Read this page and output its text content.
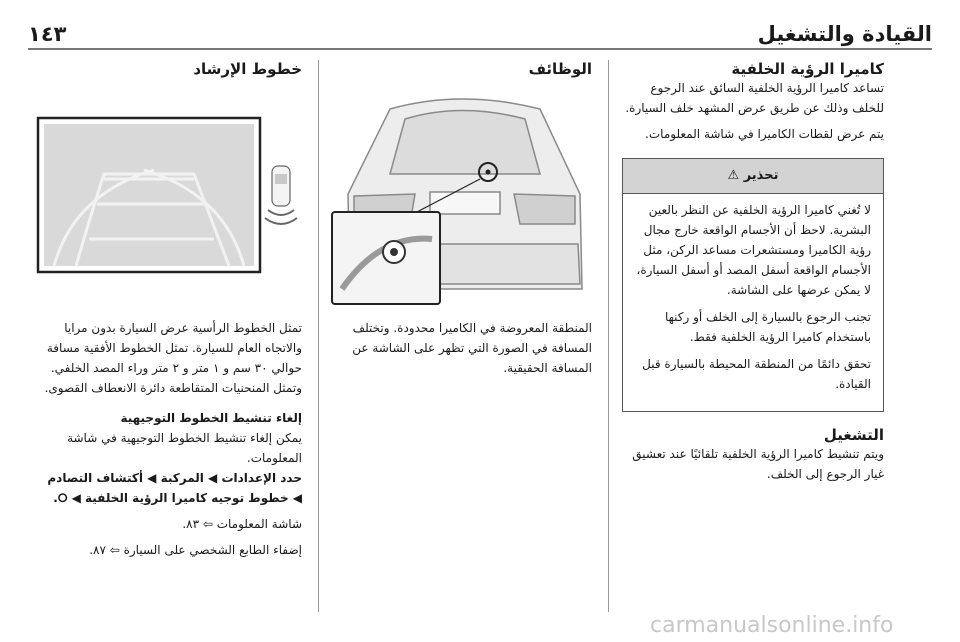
القيادة والتشغيل
١٤٣

كاميرا الرؤية الخلفية

تساعد كاميرا الرؤية الخلفية السائق عند الرجوع للخلف وذلك عن طريق عرض المشهد خلف السيارة.

يتم عرض لقطات الكاميرا في شاشة المعلومات.

تحذير ⚠

لا تُغني كاميرا الرؤية الخلفية عن النظر بالعين البشرية. لاحظ أن الأجسام الواقعة خارج مجال رؤية الكاميرا ومستشعرات مساعد الركن، مثل الأجسام الواقعة أسفل المصد أو أسفل السيارة، لا يمكن عرضها على الشاشة.

تجنب الرجوع بالسيارة إلى الخلف أو ركنها باستخدام كاميرا الرؤية الخلفية فقط.

تحقق دائمًا من المنطقة المحيطة بالسيارة قبل القيادة.

التشغيل

ويتم تنشيط كاميرا الرؤية الخلفية تلقائيًا عند تعشيق غيار الرجوع إلى الخلف.

الوظائف

المنطقة المعروضة في الكاميرا محدودة. وتختلف المسافة في الصورة التي تظهر على الشاشة عن المسافة الحقيقية.

خطوط الإرشاد

تمثل الخطوط الرأسية عرض السيارة بدون مرايا والاتجاه العام للسيارة. تمثل الخطوط الأفقية مسافة حوالي ٣٠ سم و ١ متر و ٢ متر وراء المصد الخلفي. وتمثل المنحنيات المتقاطعة دائرة الانعطاف القصوى.

إلغاء تنشيط الخطوط التوجيهية

يمكن إلغاء تنشيط الخطوط التوجيهية في شاشة المعلومات.

حدد الإعدادات ◀ المركبة ◀ أكتشاف التصادم ◀ خطوط توجيه كاميرا الرؤية الخلفية ◀ ⭘.

شاشة المعلومات ⇦ ٨٣.

إضفاء الطابع الشخصي على السيارة ⇦ ٨٧.

carmanualsonline.info
